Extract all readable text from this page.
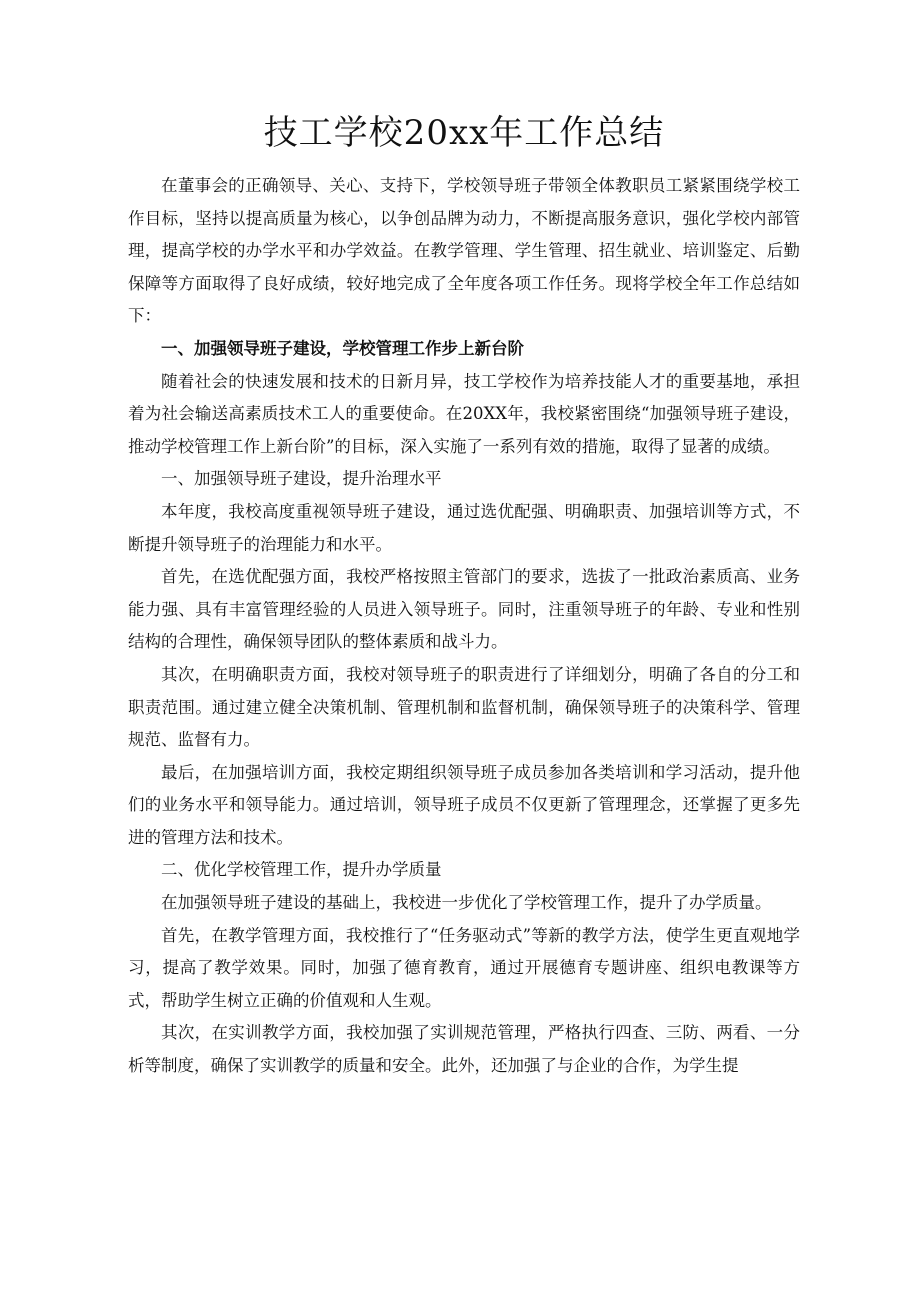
技工学校20xx年工作总结

在董事会的正确领导、关心、支持下，学校领导班子带领全体教职员工紧紧围绕学校工作目标，坚持以提高质量为核心，以争创品牌为动力，不断提高服务意识，强化学校内部管理，提高学校的办学水平和办学效益。在教学管理、学生管理、招生就业、培训鉴定、后勤保障等方面取得了良好成绩，较好地完成了全年度各项工作任务。现将学校全年工作总结如下：

一、加强领导班子建设，学校管理工作步上新台阶

随着社会的快速发展和技术的日新月异，技工学校作为培养技能人才的重要基地，承担着为社会输送高素质技术工人的重要使命。在20XX年，我校紧密围绕“加强领导班子建设，推动学校管理工作上新台阶”的目标，深入实施了一系列有效的措施，取得了显著的成绩。

一、加强领导班子建设，提升治理水平

本年度，我校高度重视领导班子建设，通过选优配强、明确职责、加强培训等方式，不断提升领导班子的治理能力和水平。

首先，在选优配强方面，我校严格按照主管部门的要求，选拔了一批政治素质高、业务能力强、具有丰富管理经验的人员进入领导班子。同时，注重领导班子的年龄、专业和性别结构的合理性，确保领导团队的整体素质和战斗力。

其次，在明确职责方面，我校对领导班子的职责进行了详细划分，明确了各自的分工和职责范围。通过建立健全决策机制、管理机制和监督机制，确保领导班子的决策科学、管理规范、监督有力。

最后，在加强培训方面，我校定期组织领导班子成员参加各类培训和学习活动，提升他们的业务水平和领导能力。通过培训，领导班子成员不仅更新了管理理念，还掌握了更多先进的管理方法和技术。

二、优化学校管理工作，提升办学质量

在加强领导班子建设的基础上，我校进一步优化了学校管理工作，提升了办学质量。

首先，在教学管理方面，我校推行了“任务驱动式”等新的教学方法，使学生更直观地学习，提高了教学效果。同时，加强了德育教育，通过开展德育专题讲座、组织电教课等方式，帮助学生树立正确的价值观和人生观。

其次，在实训教学方面，我校加强了实训规范管理，严格执行四查、三防、两看、一分析等制度，确保了实训教学的质量和安全。此外，还加强了与企业的合作，为学生提
